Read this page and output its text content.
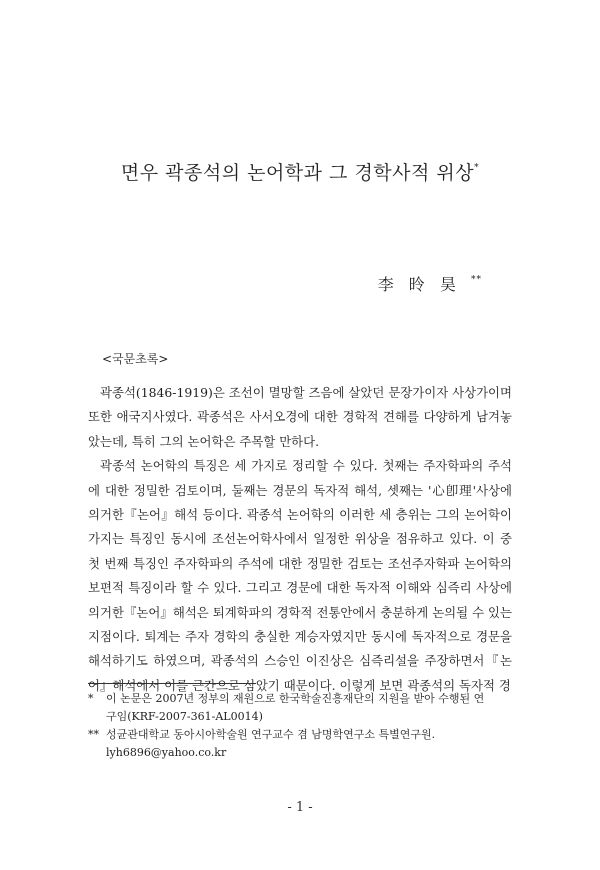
면우 곽종석의 논어학과 그 경학사적 위상*
李 昤 昊 **
<국문초록>

곽종석(1846-1919)은 조선이 멸망할 즈음에 살았던 문장가이자 사상가이며 또한 애국지사였다. 곽종석은 사서오경에 대한 경학적 견해를 다양하게 남겨놓았는데, 특히 그의 논어학은 주목할 만하다.

곽종석 논어학의 특징은 세 가지로 정리할 수 있다. 첫째는 주자학파의 주석에 대한 정밀한 검토이며, 둘째는 경문의 독자적 해석, 셋째는 '心卽理'사상에 의거한『논어』해석 등이다. 곽종석 논어학의 이러한 세 층위는 그의 논어학이 가지는 특징인 동시에 조선논어학사에서 일정한 위상을 점유하고 있다. 이 중 첫 번째 특징인 주자학파의 주석에 대한 정밀한 검토는 조선주자학파 논어학의 보편적 특징이라 할 수 있다. 그리고 경문에 대한 독자적 이해와 심즉리 사상에 의거한『논어』해석은 퇴계학파의 경학적 전통안에서 충분하게 논의될 수 있는 지점이다. 퇴계는 주자 경학의 충실한 계승자였지만 동시에 독자적으로 경문을 해석하기도 하였으며, 곽종석의 스승인 이진상은 심즉리설을 주장하면서『논어』해석에서 이를 근간으로 삼았기 때문이다. 이렇게 보면 곽종석의 독자적 경

*	이 논문은 2007년 정부의 재원으로 한국학술진흥재단의 지원을 받아 수행된 연
구임(KRF-2007-361-AL0014)
** 성균관대학교 동아시아학술원 연구교수 겸 남명학연구소 특별연구원.
lyh6896@yahoo.co.kr
- 1 -
